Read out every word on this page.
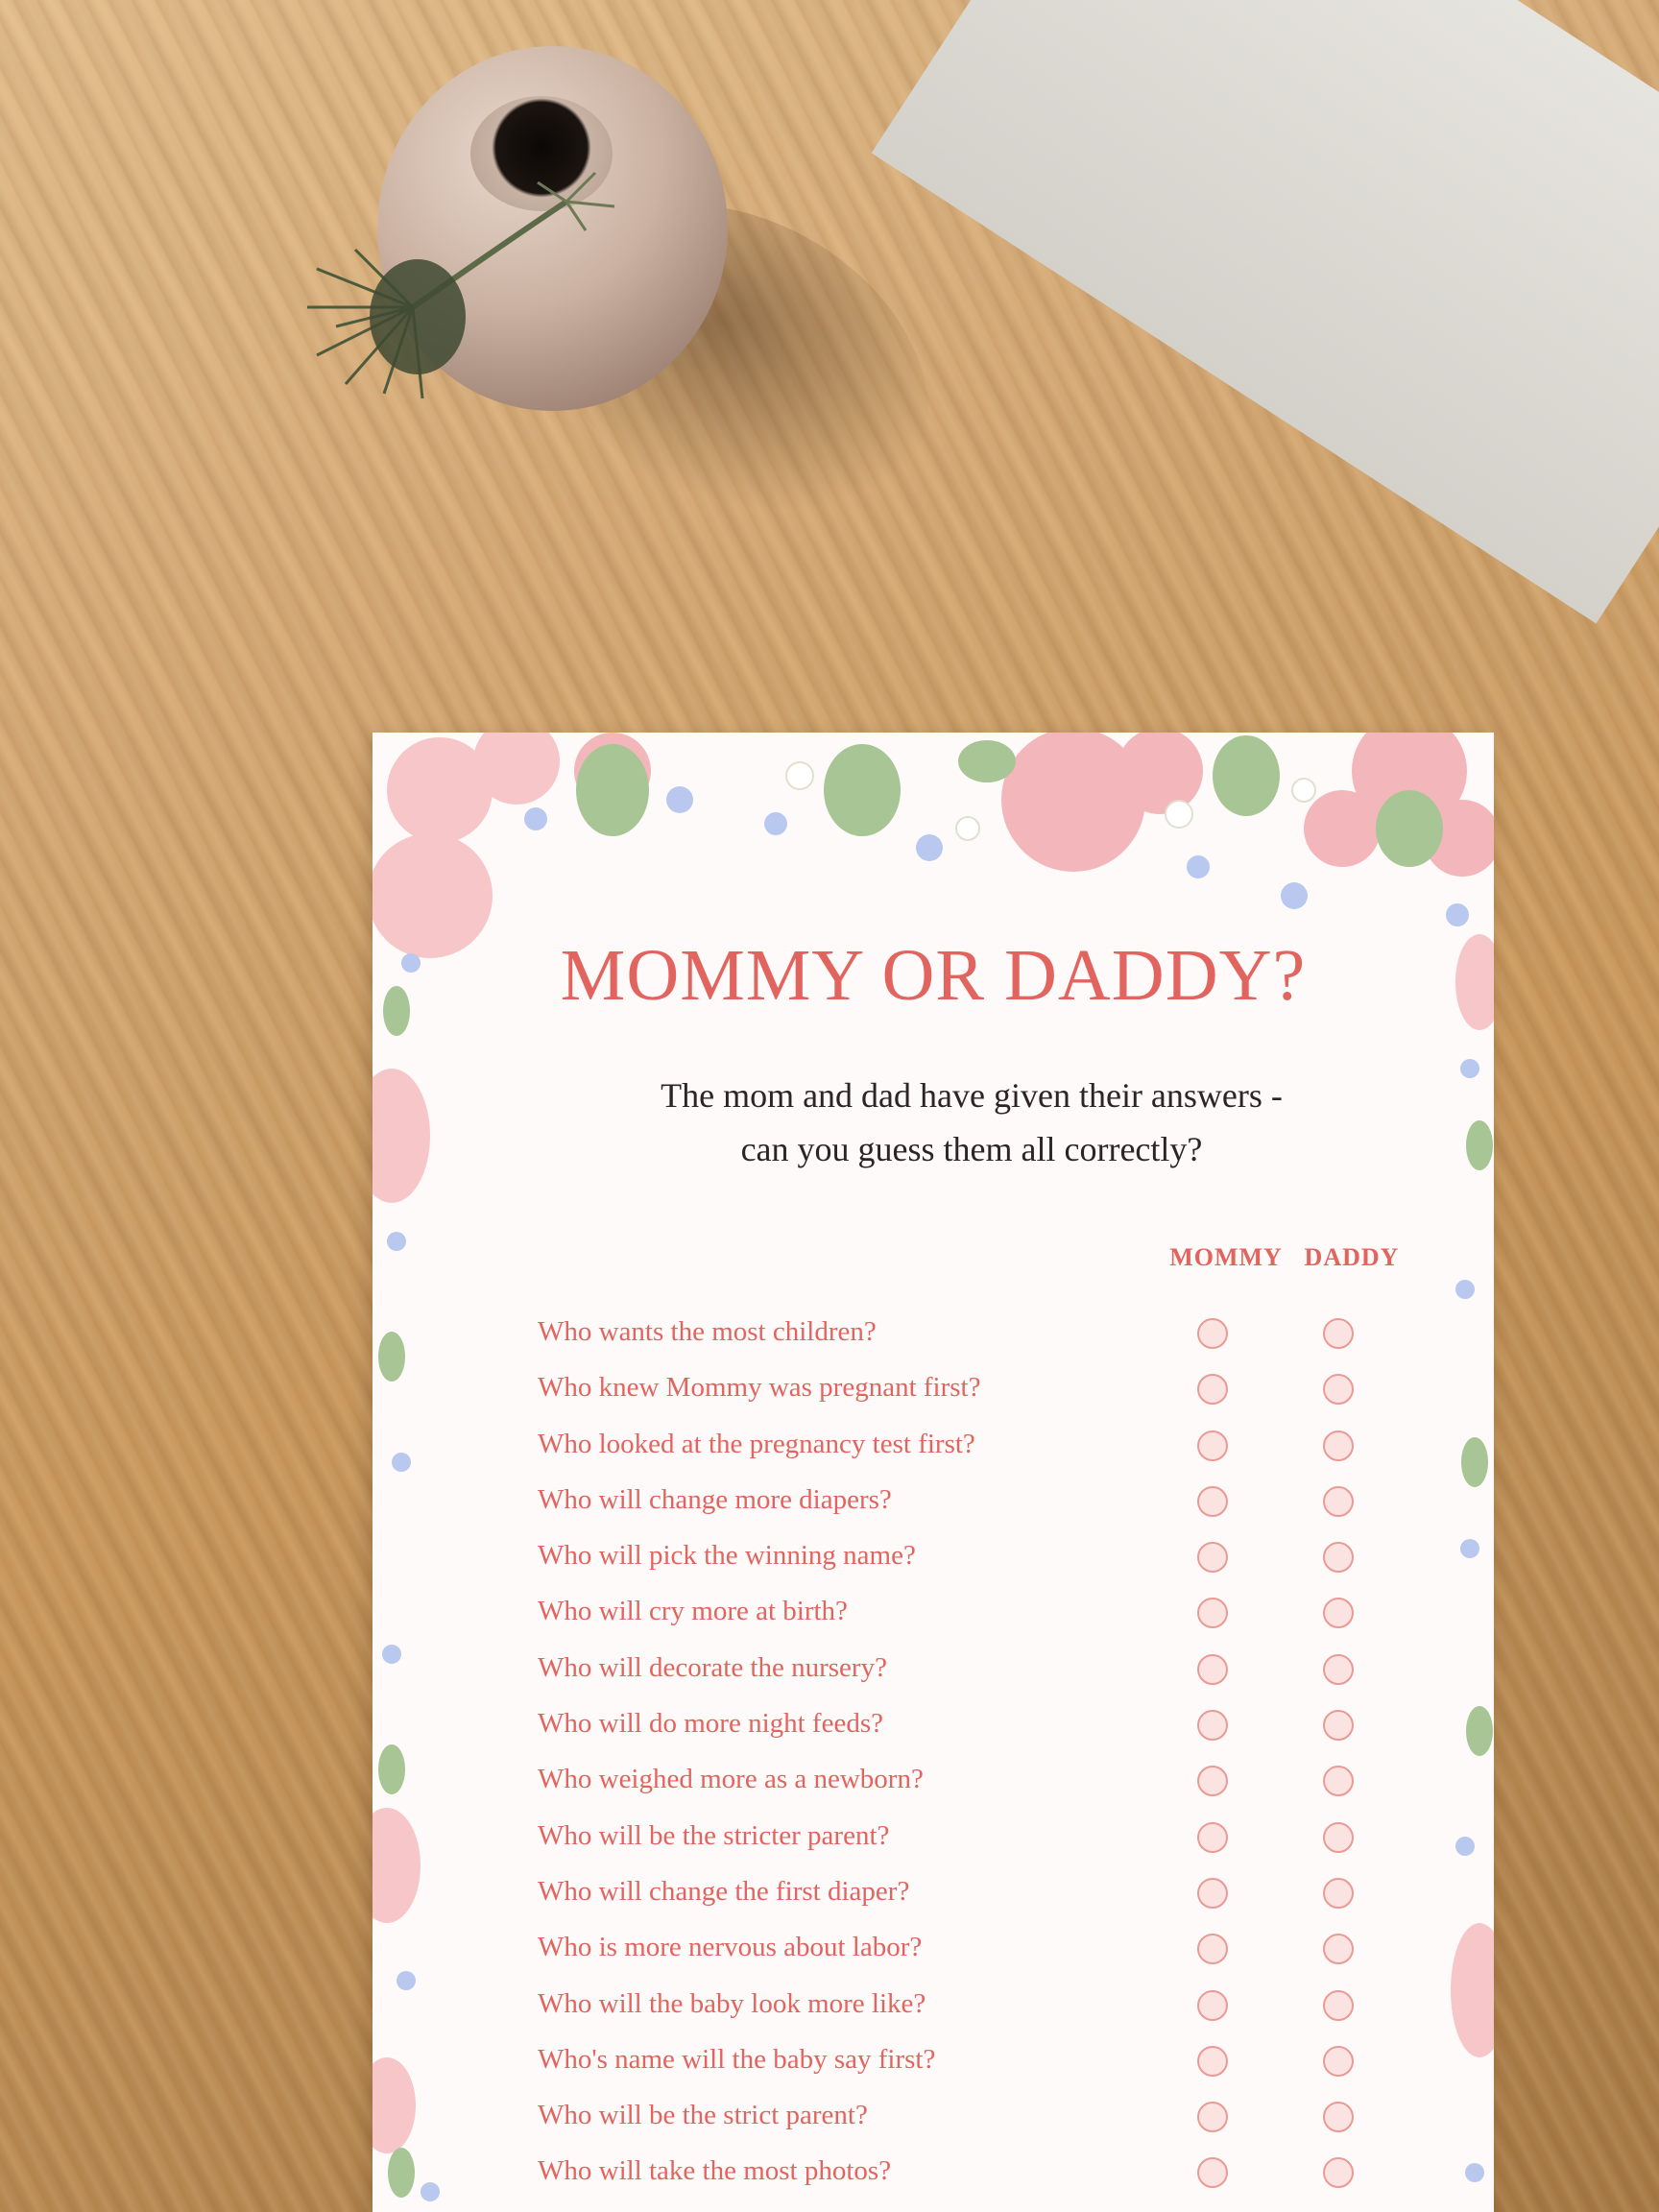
MOMMY OR DADDY?
The mom and dad have given their answers -
can you guess them all correctly?
MOMMY DADDY
Who wants the most children?
Who knew Mommy was pregnant first?
Who looked at the pregnancy test first?
Who will change more diapers?
Who will pick the winning name?
Who will cry more at birth?
Who will decorate the nursery?
Who will do more night feeds?
Who weighed more as a newborn?
Who will be the stricter parent?
Who will change the first diaper?
Who is more nervous about labor?
Who will the baby look more like?
Who's name will the baby say first?
Who will be the strict parent?
Who will take the most photos?
